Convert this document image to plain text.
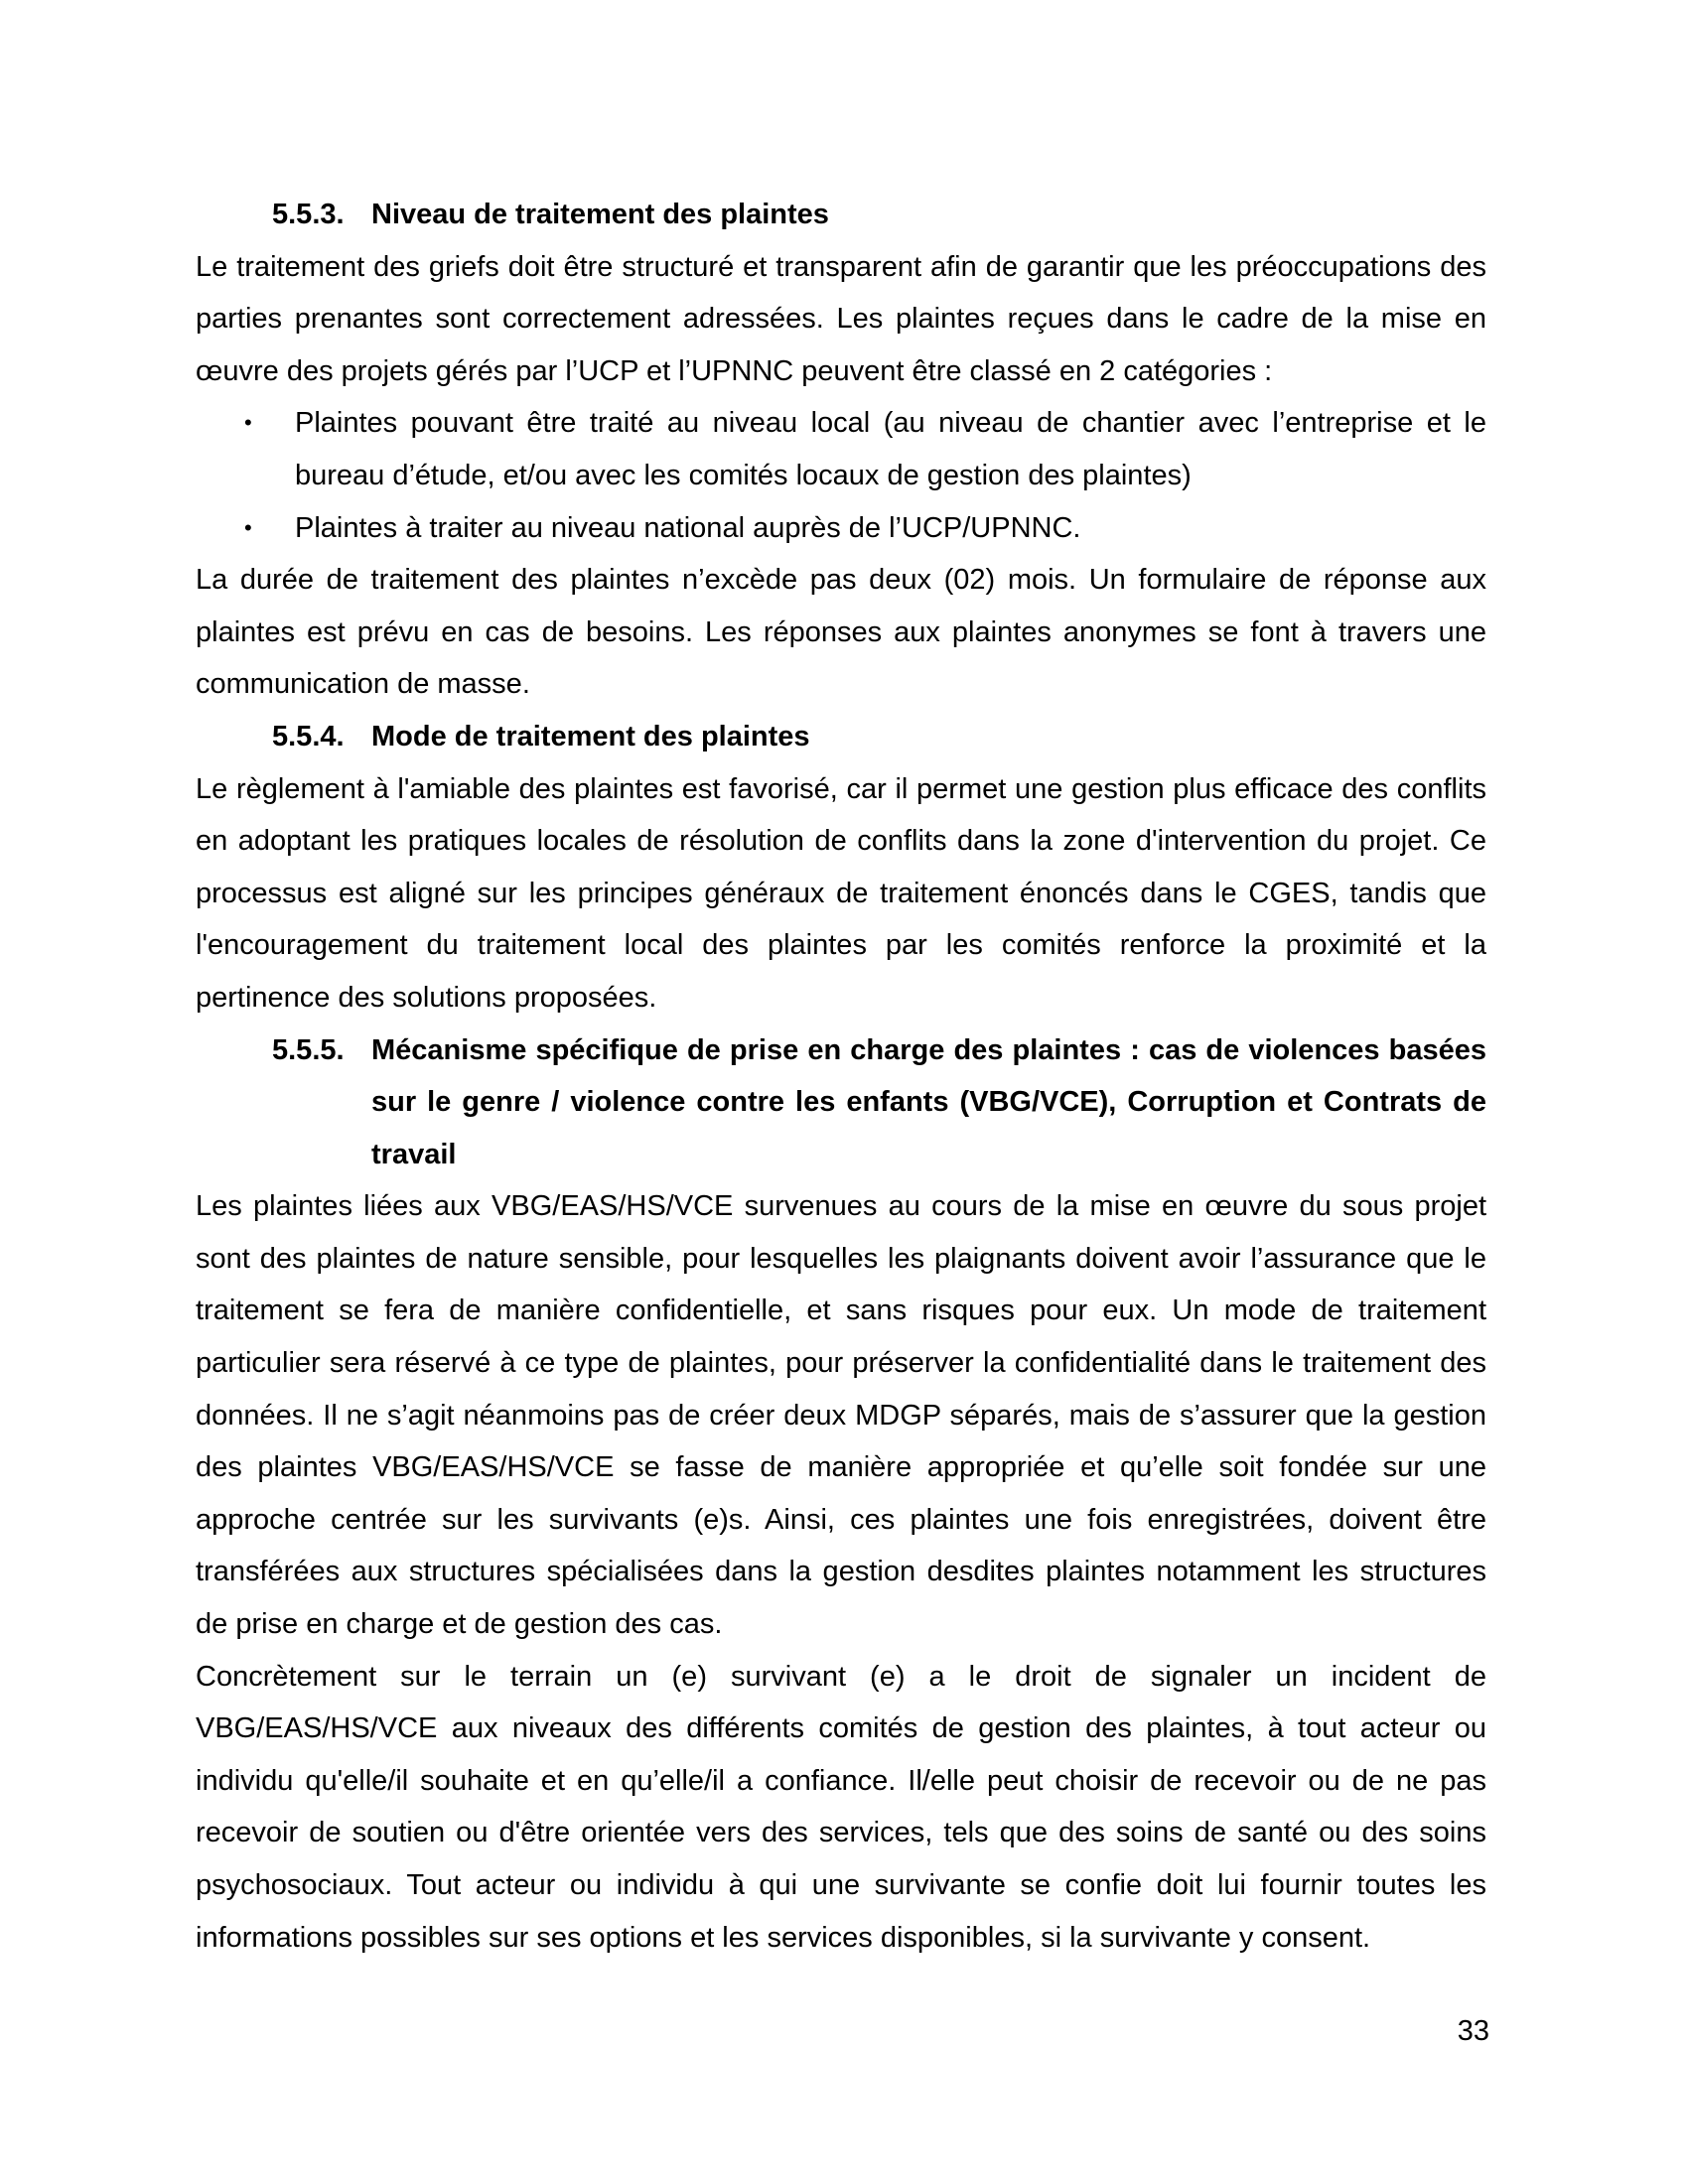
5.5.3. Niveau de traitement des plaintes

Le traitement des griefs doit être structuré et transparent afin de garantir que les préoccupations des parties prenantes sont correctement adressées. Les plaintes reçues dans le cadre de la mise en œuvre des projets gérés par l’UCP et l’UPNNC peuvent être classé en 2 catégories :

• Plaintes pouvant être traité au niveau local (au niveau de chantier avec l’entreprise et le bureau d’étude, et/ou avec les comités locaux de gestion des plaintes)
• Plaintes à traiter au niveau national auprès de l’UCP/UPNNC.

La durée de traitement des plaintes n’excède pas deux (02) mois. Un formulaire de réponse aux plaintes est prévu en cas de besoins. Les réponses aux plaintes anonymes se font à travers une communication de masse.

5.5.4. Mode de traitement des plaintes

Le règlement à l'amiable des plaintes est favorisé, car il permet une gestion plus efficace des conflits en adoptant les pratiques locales de résolution de conflits dans la zone d'intervention du projet. Ce processus est aligné sur les principes généraux de traitement énoncés dans le CGES, tandis que l'encouragement du traitement local des plaintes par les comités renforce la proximité et la pertinence des solutions proposées.

5.5.5. Mécanisme spécifique de prise en charge des plaintes : cas de violences basées sur le genre / violence contre les enfants (VBG/VCE), Corruption et Contrats de travail

Les plaintes liées aux VBG/EAS/HS/VCE survenues au cours de la mise en œuvre du sous projet sont des plaintes de nature sensible, pour lesquelles les plaignants doivent avoir l’assurance que le traitement se fera de manière confidentielle, et sans risques pour eux. Un mode de traitement particulier sera réservé à ce type de plaintes, pour préserver la confidentialité dans le traitement des données. Il ne s’agit néanmoins pas de créer deux MDGP séparés, mais de s’assurer que la gestion des plaintes VBG/EAS/HS/VCE se fasse de manière appropriée et qu’elle soit fondée sur une approche centrée sur les survivants (e)s. Ainsi, ces plaintes une fois enregistrées, doivent être transférées aux structures spécialisées dans la gestion desdites plaintes notamment les structures de prise en charge et de gestion des cas.

Concrètement sur le terrain un (e) survivant (e) a le droit de signaler un incident de VBG/EAS/HS/VCE aux niveaux des différents comités de gestion des plaintes, à tout acteur ou individu qu'elle/il souhaite et en qu’elle/il a confiance. Il/elle peut choisir de recevoir ou de ne pas recevoir de soutien ou d'être orientée vers des services, tels que des soins de santé ou des soins psychosociaux. Tout acteur ou individu à qui une survivante se confie doit lui fournir toutes les informations possibles sur ses options et les services disponibles, si la survivante y consent.

33
